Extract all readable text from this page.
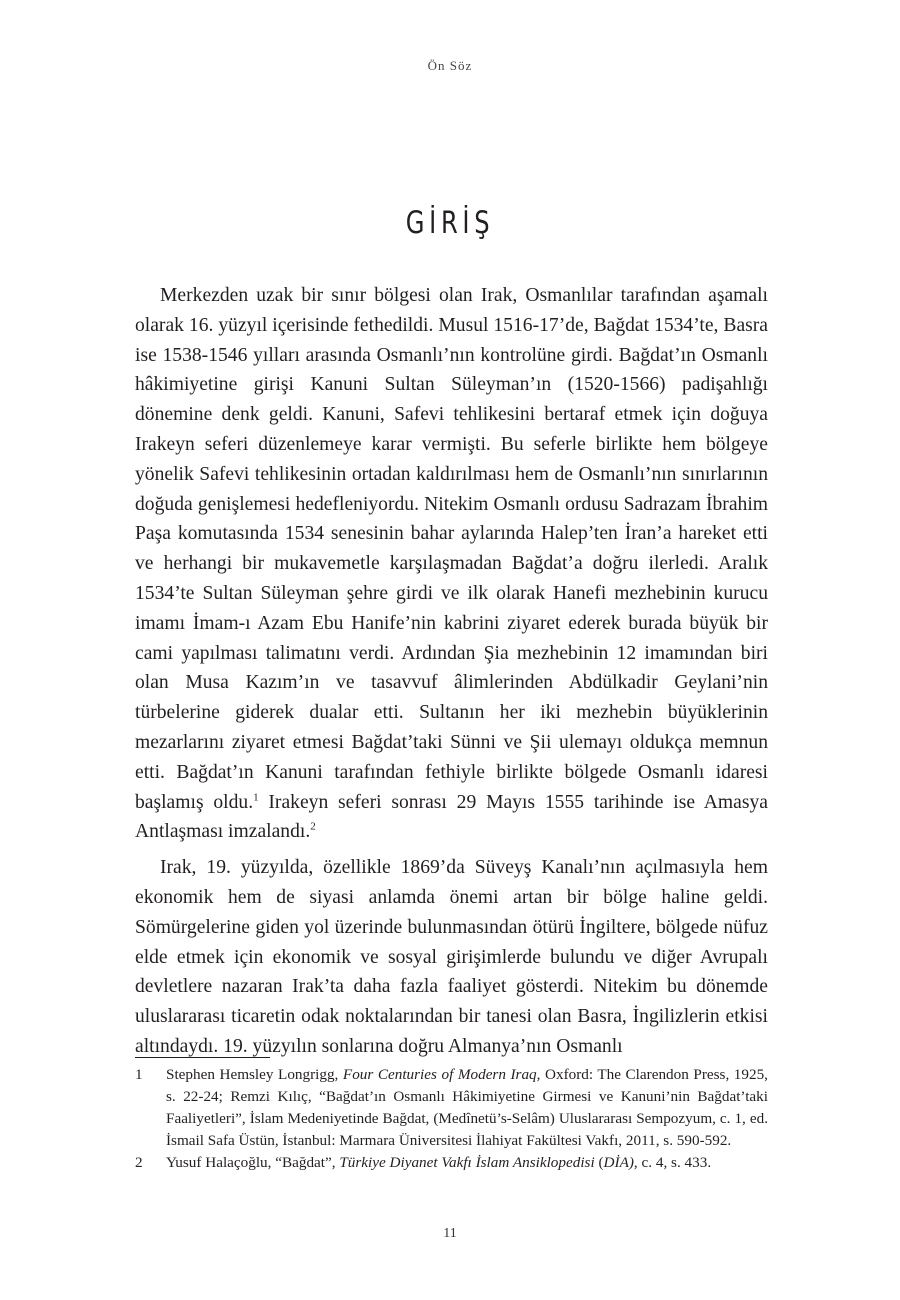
Ön Söz
GİRİŞ

Merkezden uzak bir sınır bölgesi olan Irak, Osmanlılar tarafından aşamalı olarak 16. yüzyıl içerisinde fethedildi. Musul 1516-17’de, Bağdat 1534’te, Basra ise 1538-1546 yılları arasında Osmanlı’nın kontrolüne girdi. Bağdat’ın Osmanlı hâkimiyetine girişi Kanuni Sultan Süleyman’ın (1520-1566) padişahlığı dönemine denk geldi. Kanuni, Safevi tehlikesini bertaraf etmek için doğuya Irakeyn seferi düzenlemeye karar vermişti. Bu seferle birlikte hem bölgeye yönelik Safevi tehlikesinin ortadan kaldırılması hem de Osmanlı’nın sınırlarının doğuda genişlemesi hedefleniyordu. Nitekim Osmanlı ordusu Sadrazam İbrahim Paşa komutasında 1534 senesinin bahar aylarında Halep’ten İran’a hareket etti ve herhangi bir mukavemetle karşılaşmadan Bağdat’a doğru ilerledi. Aralık 1534’te Sultan Süleyman şehre girdi ve ilk olarak Hanefi mezhebinin kurucu imamı İmam-ı Azam Ebu Hanife’nin kabrini ziyaret ederek burada büyük bir cami yapılması talimatını verdi. Ardından Şia mezhebinin 12 imamından biri olan Musa Kazım’ın ve tasavvuf âlimlerinden Abdülkadir Geylani’nin türbelerine giderek dualar etti. Sultanın her iki mezhebin büyüklerinin mezarlarını ziyaret etmesi Bağdat’taki Sünni ve Şii ulemayı oldukça memnun etti. Bağdat’ın Kanuni tarafından fethiyle birlikte bölgede Osmanlı idaresi başlamış oldu.$^1$ Irakeyn seferi sonrası 29 Mayıs 1555 tarihinde ise Amasya Antlaşması imzalandı.$^2$

Irak, 19. yüzyılda, özellikle 1869’da Süveyş Kanalı’nın açılmasıyla hem ekonomik hem de siyasi anlamda önemi artan bir bölge haline geldi. Sömürgelerine giden yol üzerinde bulunmasından ötürü İngiltere, bölgede nüfuz elde etmek için ekonomik ve sosyal girişimlerde bulundu ve diğer Avrupalı devletlere nazaran Irak’ta daha fazla faaliyet gösterdi. Nitekim bu dönemde uluslararası ticaretin odak noktalarından bir tanesi olan Basra, İngilizlerin etkisi altındaydı. 19. yüzyılın sonlarına doğru Almanya’nın Osmanlı

1	Stephen Hemsley Longrigg, Four Centuries of Modern Iraq, Oxford: The Clarendon Press, 1925, s. 22-24; Remzi Kılıç, “Bağdat’ın Osmanlı Hâkimiyetine Girmesi ve Kanuni’nin Bağdat’taki Faaliyetleri”, İslam Medeniyetinde Bağdat, (Medînetü’s-Selâm) Uluslararası Sempozyum, c. 1, ed. İsmail Safa Üstün, İstanbul: Marmara Üniversitesi İlahiyat Fakültesi Vakfı, 2011, s. 590-592.
2	Yusuf Halaçoğlu, “Bağdat”, Türkiye Diyanet Vakfı İslam Ansiklopedisi (DİA), c. 4, s. 433.
11
